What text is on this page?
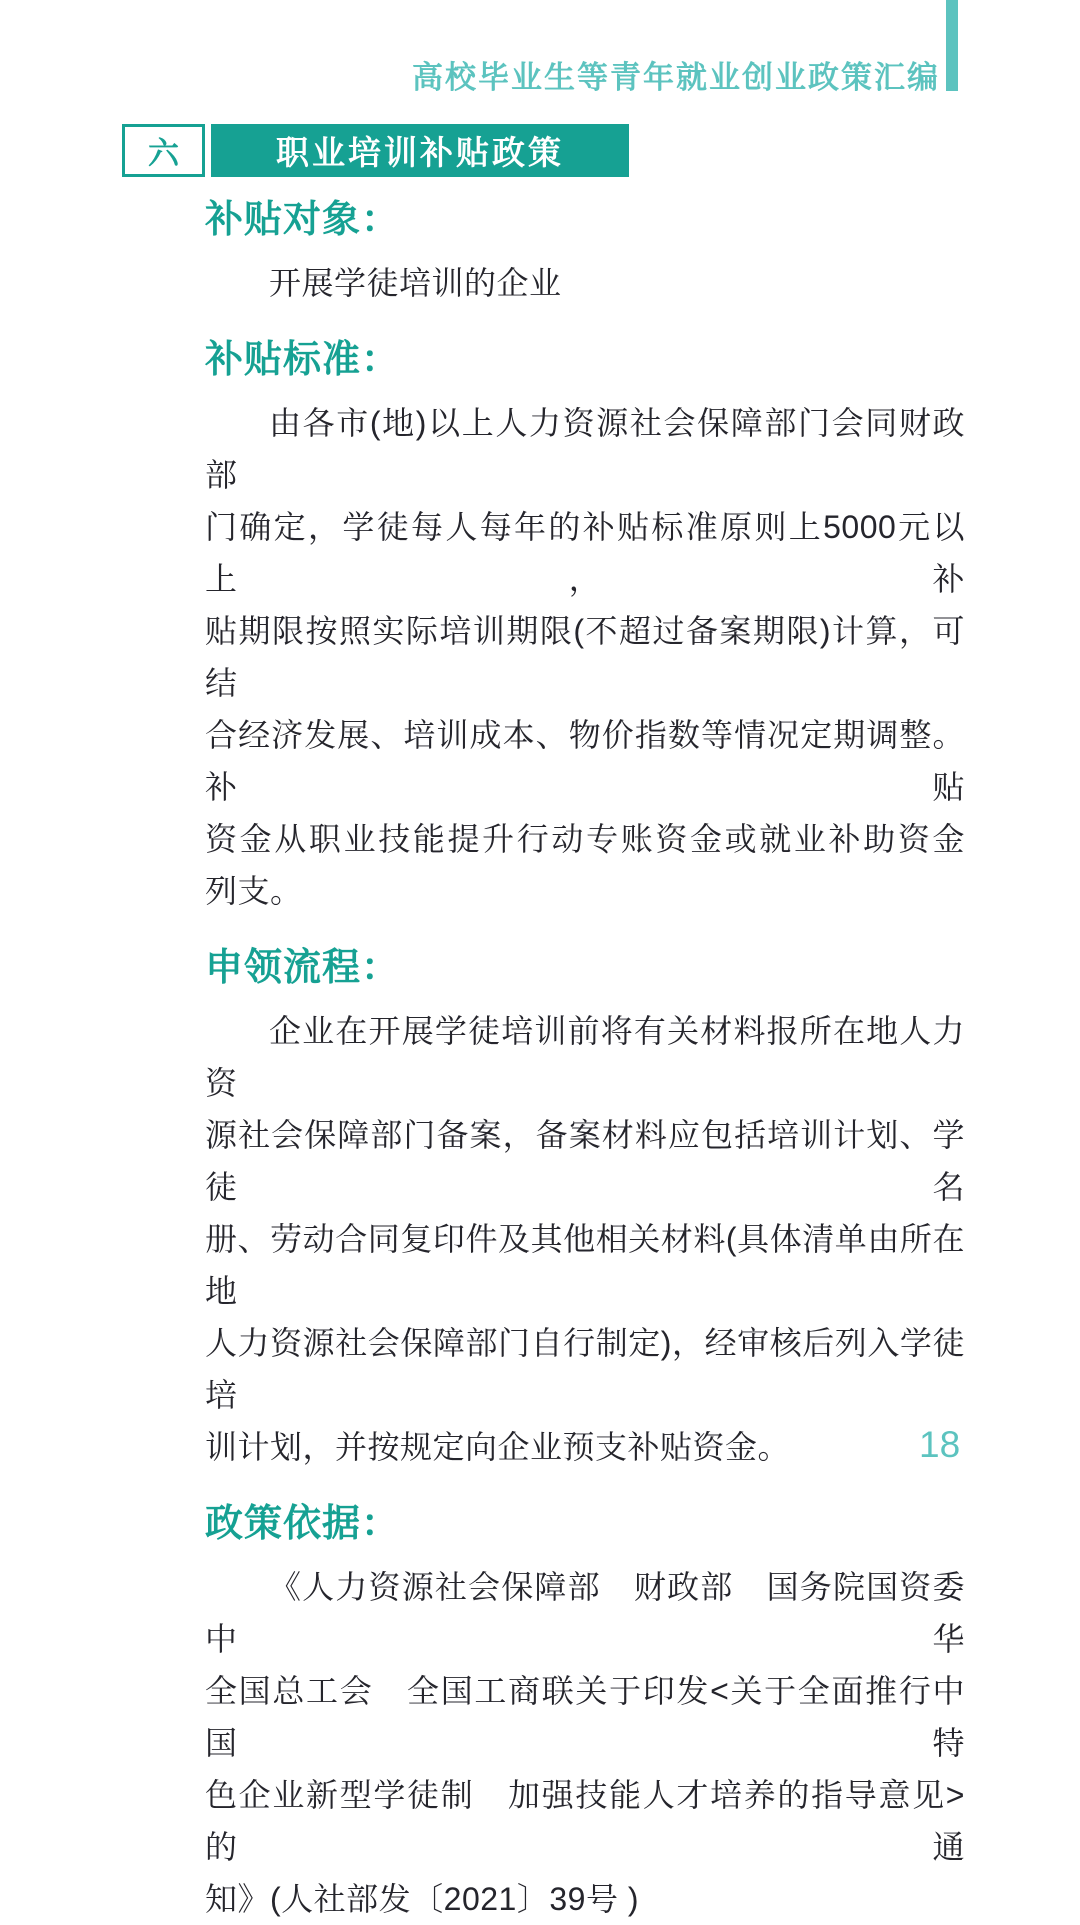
高校毕业生等青年就业创业政策汇编
六	职业培训补贴政策
补贴对象：
开展学徒培训的企业
补贴标准：
由各市(地)以上人力资源社会保障部门会同财政部
门确定，学徒每人每年的补贴标准原则上5000元以上，补
贴期限按照实际培训期限(不超过备案期限)计算，可结
合经济发展、培训成本、物价指数等情况定期调整。补贴
资金从职业技能提升行动专账资金或就业补助资金
列支。
申领流程：
企业在开展学徒培训前将有关材料报所在地人力资
源社会保障部门备案，备案材料应包括培训计划、学徒名
册、劳动合同复印件及其他相关材料(具体清单由所在地
人力资源社会保障部门自行制定)，经审核后列入学徒培
训计划，并按规定向企业预支补贴资金。
政策依据：
《人力资源社会保障部　财政部　国务院国资委　中华
全国总工会　全国工商联关于印发<关于全面推行中国特
色企业新型学徒制　加强技能人才培养的指导意见>的通
知》(人社部发〔2021〕39号 )
18
